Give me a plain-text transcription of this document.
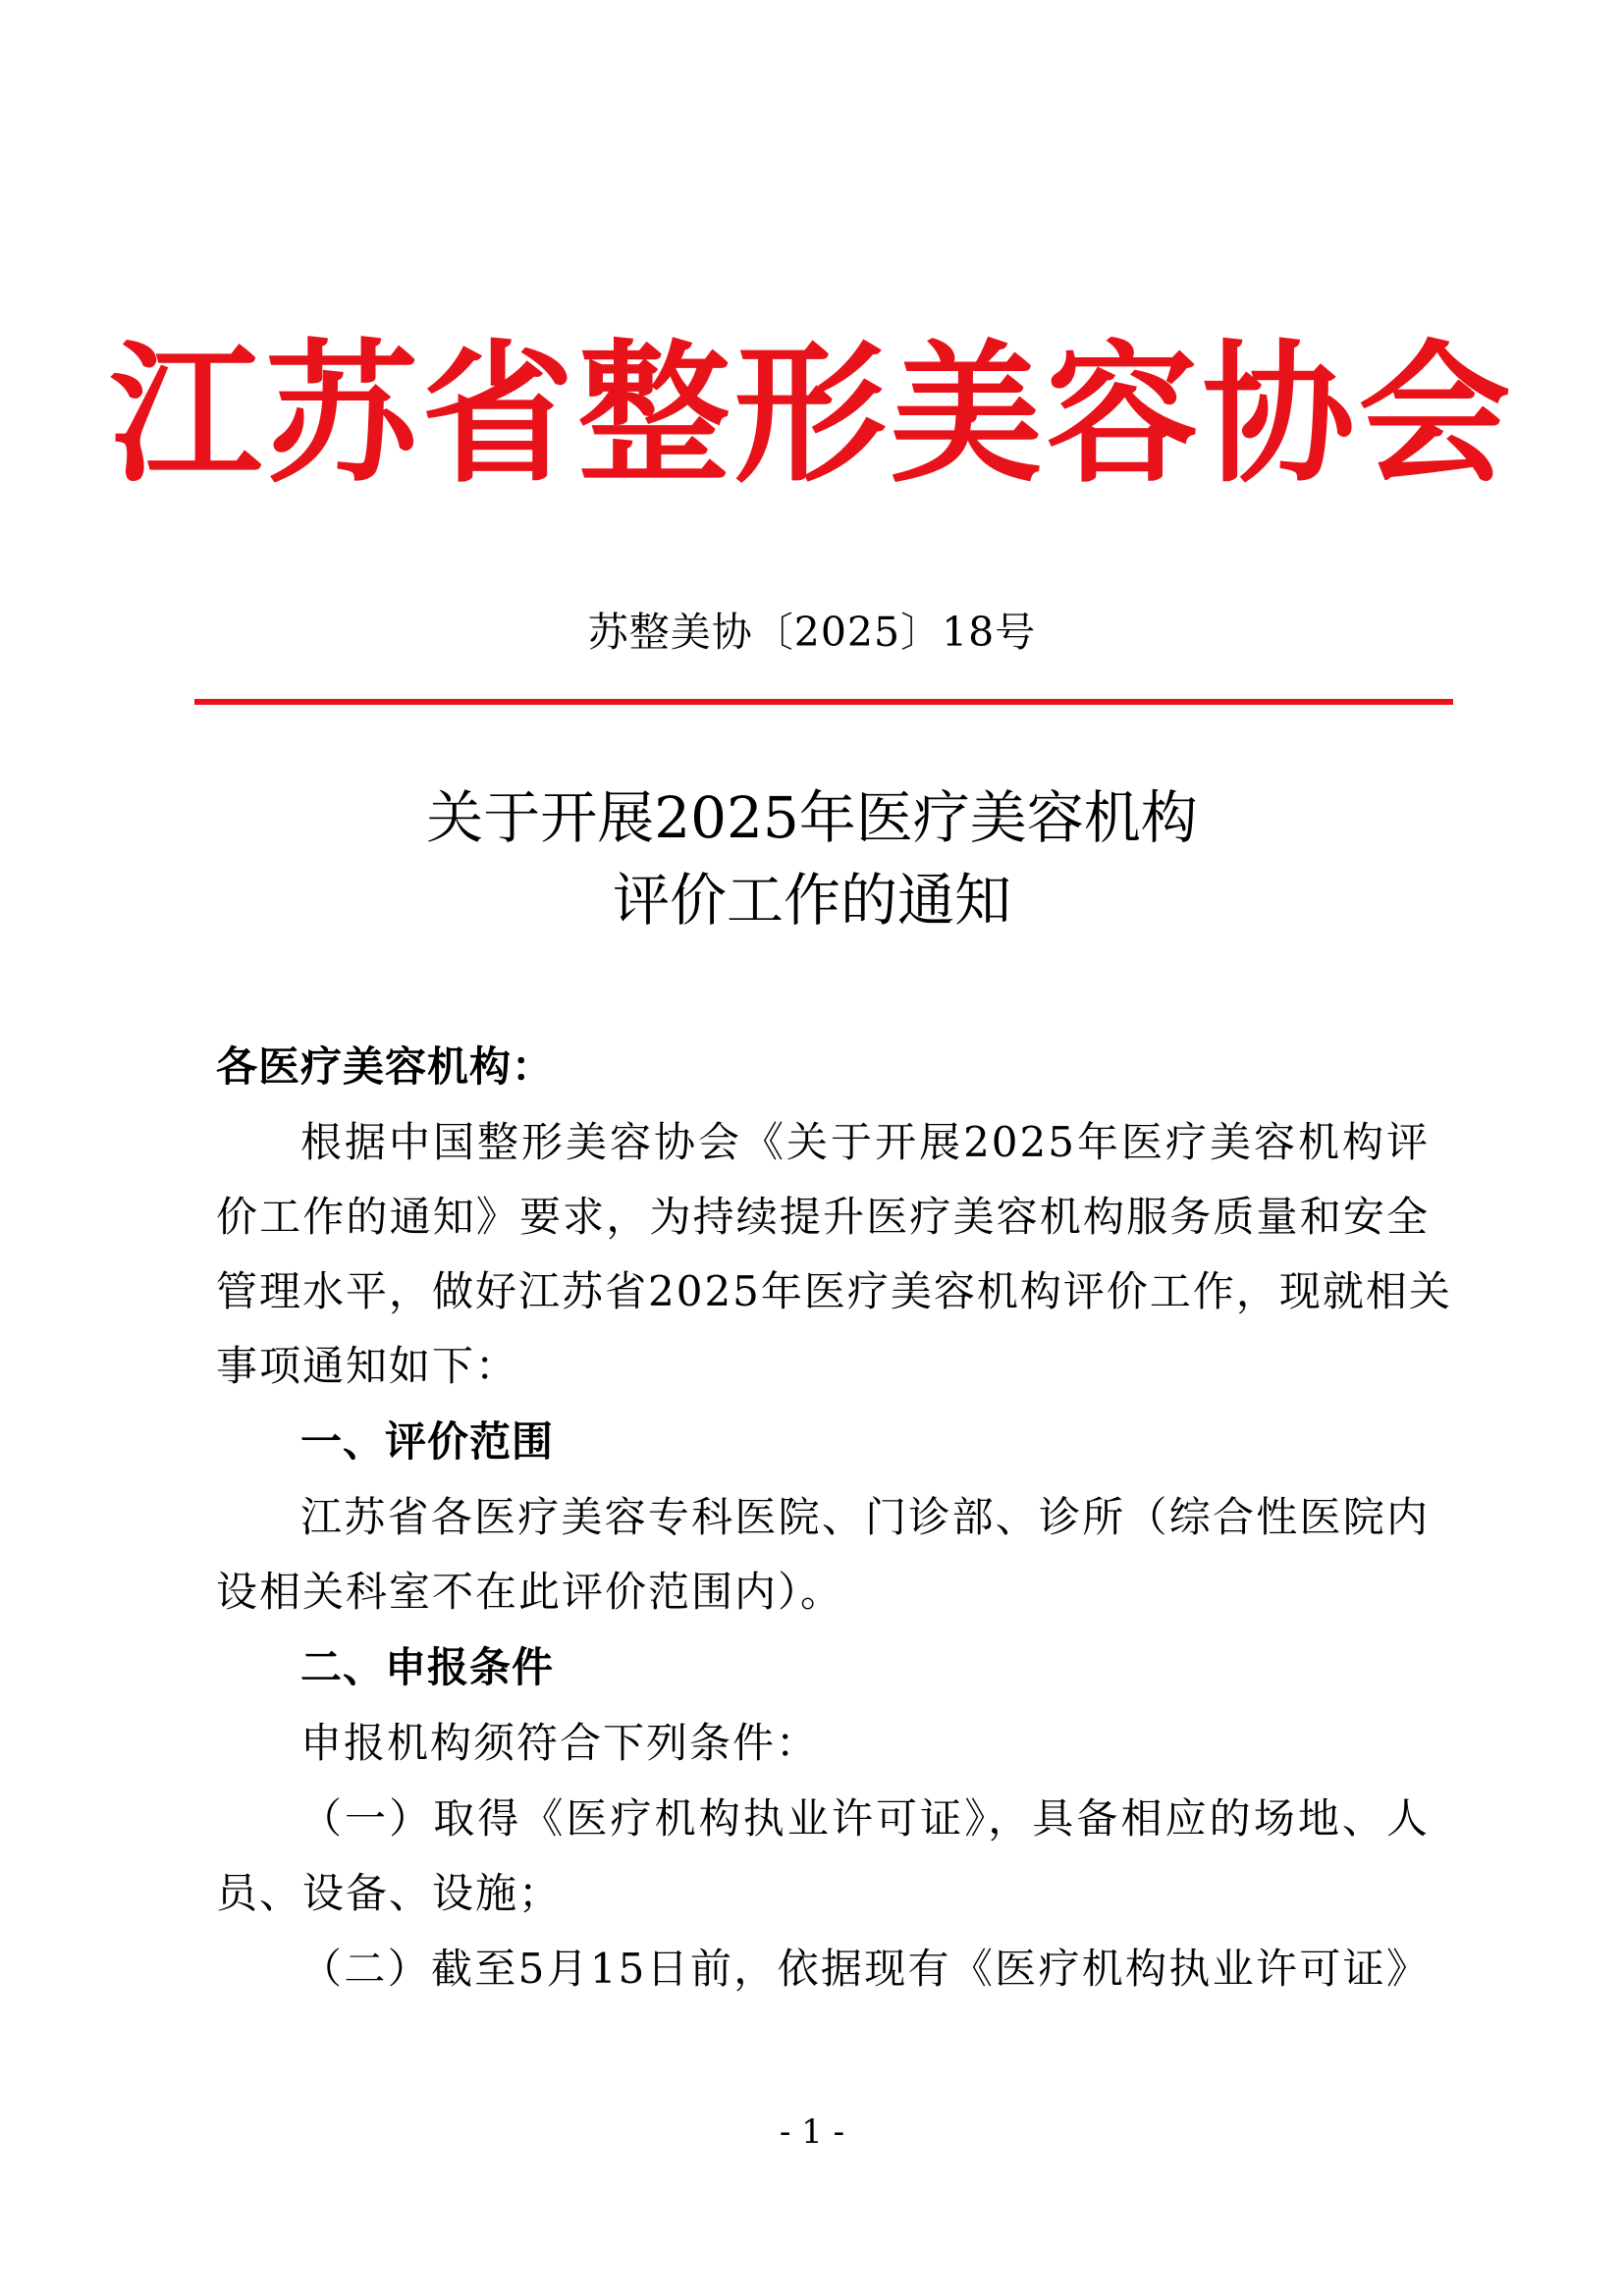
江苏省整形美容协会
苏整美协〔2025〕18号
关于开展2025年医疗美容机构
评价工作的通知
各医疗美容机构：
根据中国整形美容协会《关于开展2025年医疗美容机构评
价工作的通知》要求，为持续提升医疗美容机构服务质量和安全
管理水平，做好江苏省2025年医疗美容机构评价工作，现就相关
事项通知如下：
一、评价范围
江苏省各医疗美容专科医院、门诊部、诊所（综合性医院内
设相关科室不在此评价范围内）。
二、申报条件
申报机构须符合下列条件：
（一）取得《医疗机构执业许可证》，具备相应的场地、人
员、设备、设施；
（二）截至5月15日前，依据现有《医疗机构执业许可证》
- 1 -
